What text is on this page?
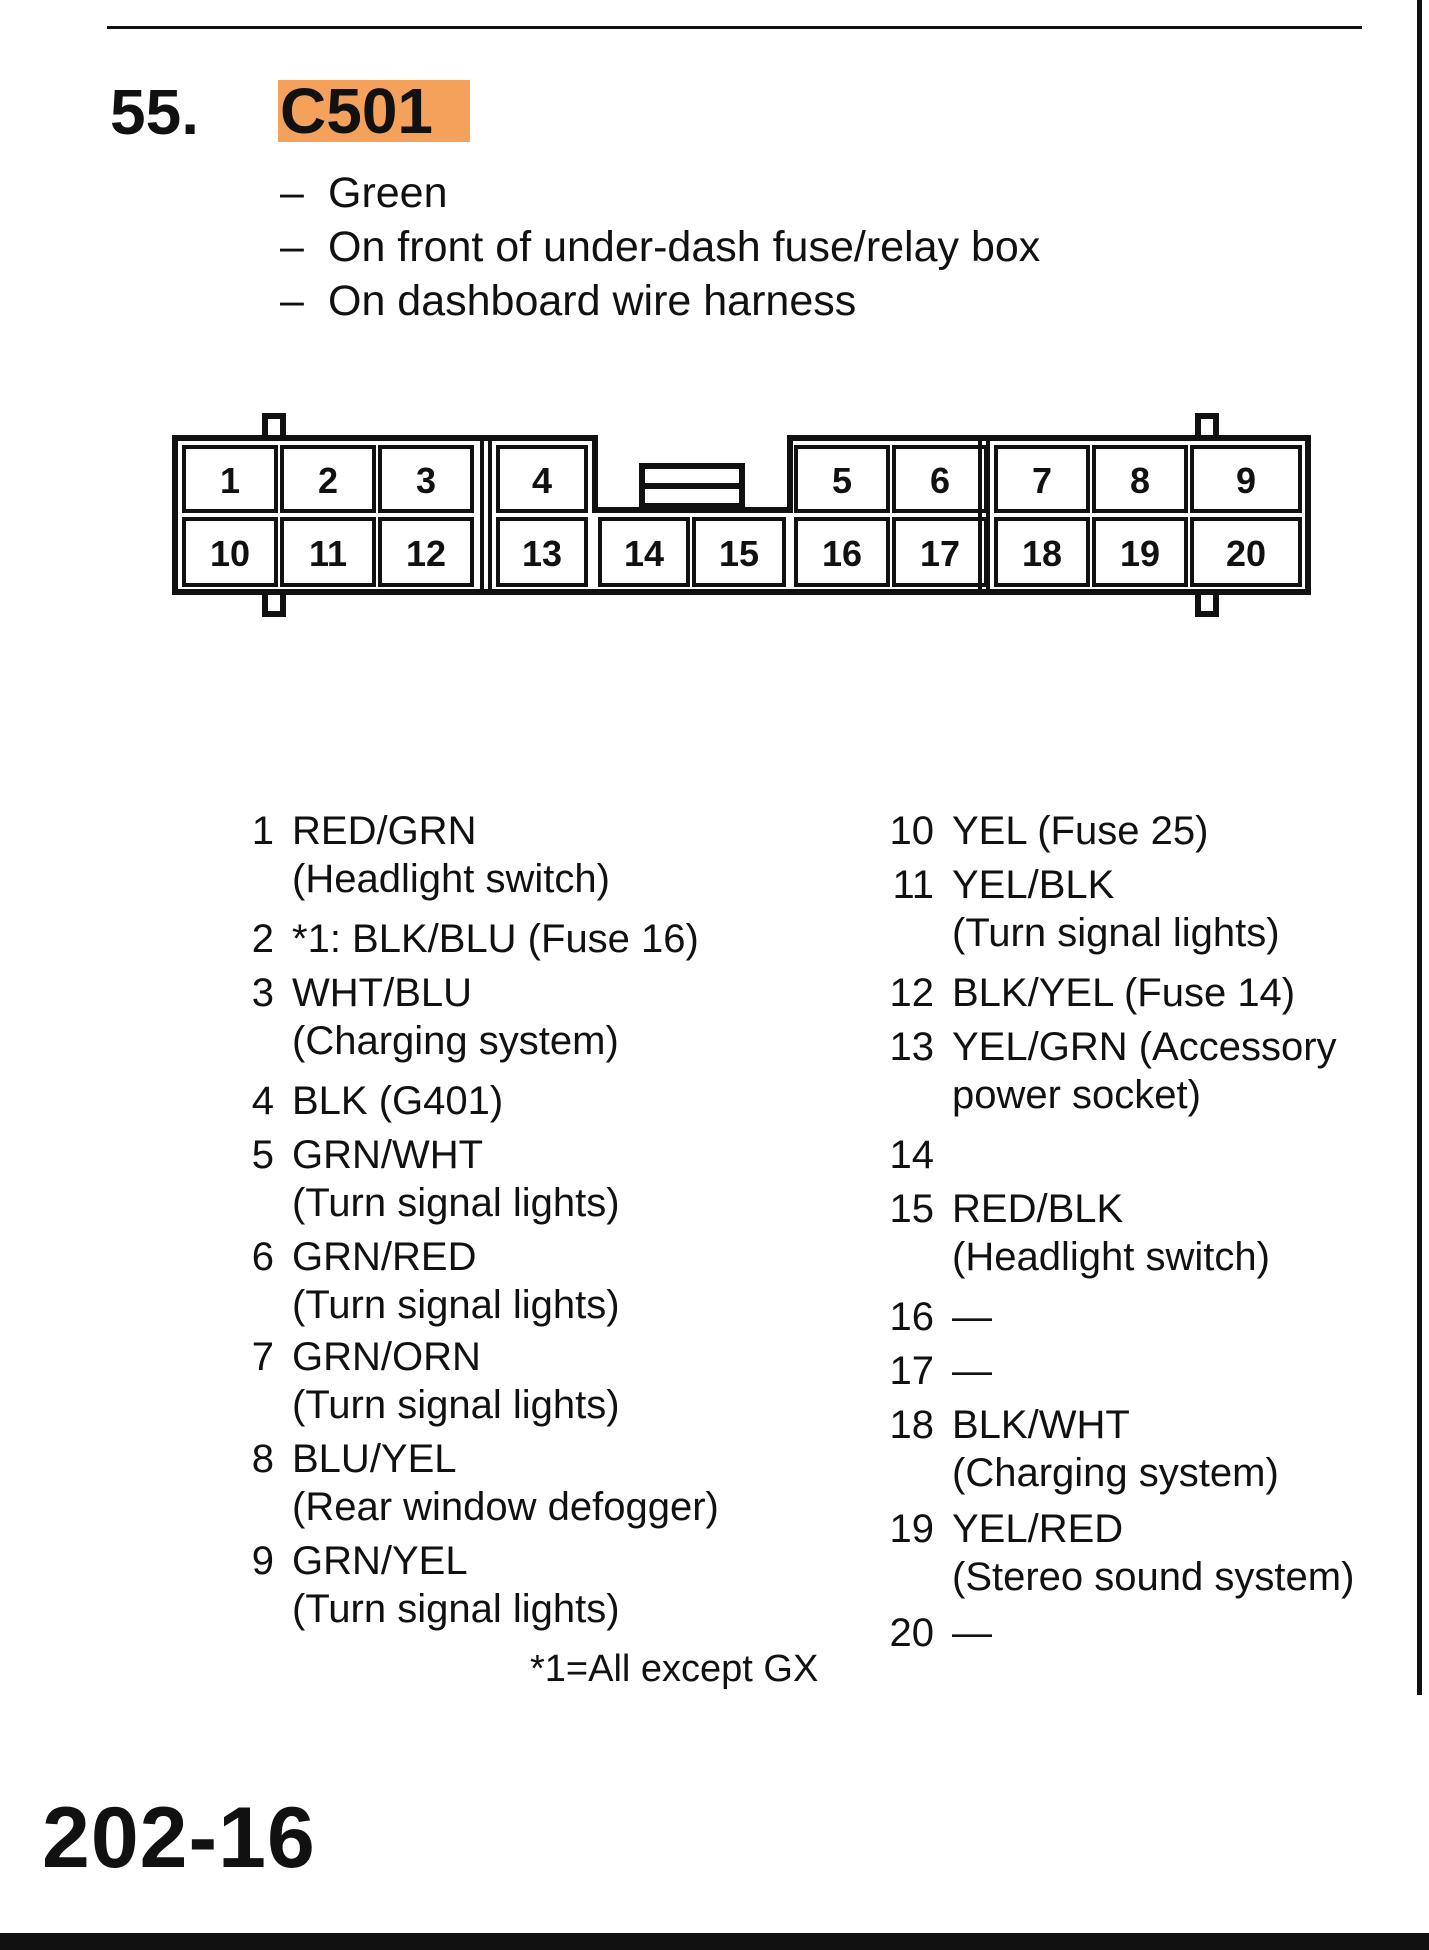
55. C501
– Green
– On front of under-dash fuse/relay box
– On dashboard wire harness
1 2 3	4	5 6 7 8 9
10 11 12 13 14 15 16 17 18 19 20
1 RED/GRN
(Headlight switch)
2 *1: BLK/BLU (Fuse 16)
3 WHT/BLU
(Charging system)
4 BLK (G401)
5 GRN/WHT
(Turn signal lights)
6 GRN/RED
(Turn signal lights)
7 GRN/ORN
(Turn signal lights)
8 BLU/YEL
(Rear window defogger)
9 GRN/YEL
(Turn signal lights)
10 YEL (Fuse 25)
11 YEL/BLK
(Turn signal lights)
12 BLK/YEL (Fuse 14)
13 YEL/GRN (Accessory
power socket)
14
15 RED/BLK
(Headlight switch)
16 —
17 —
18 BLK/WHT
(Charging system)
19 YEL/RED
(Stereo sound system)
20 —
*1=All except GX
202-16
